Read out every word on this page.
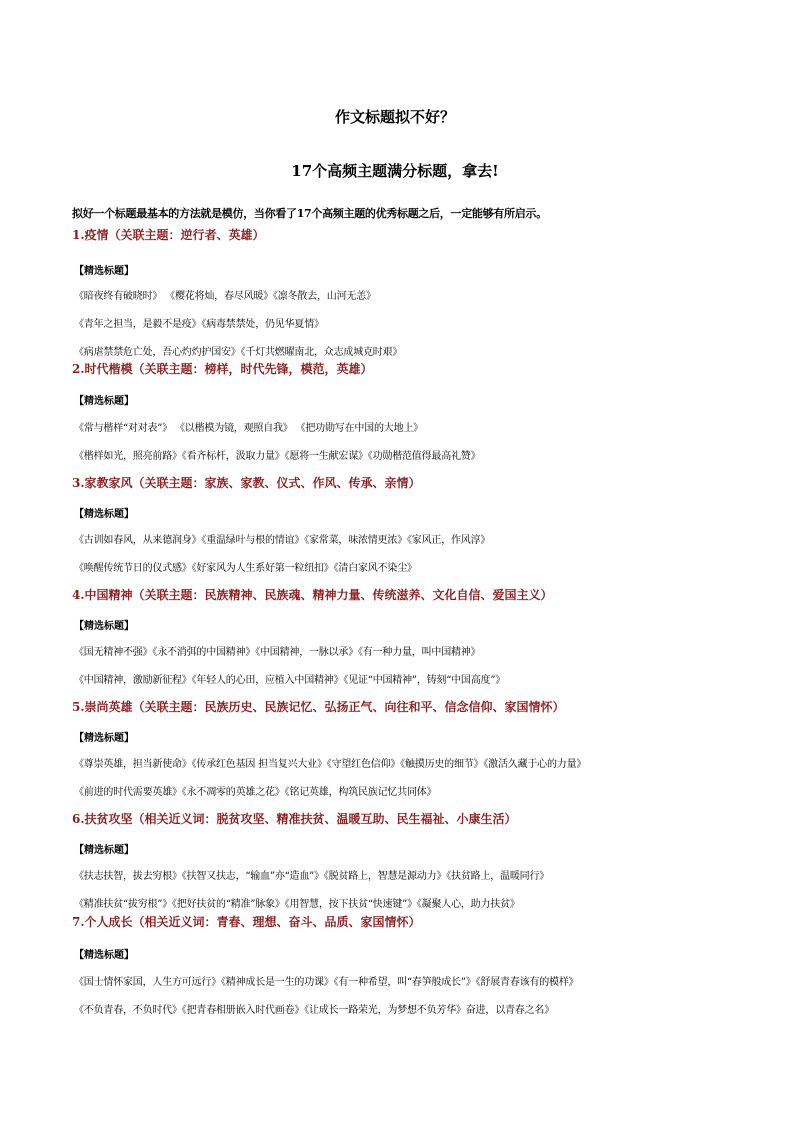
作文标题拟不好？
17个高频主题满分标题，拿去!
拟好一个标题最基本的方法就是模仿，当你看了17个高频主题的优秀标题之后，一定能够有所启示。
1.疫情（关联主题：逆行者、英雄）
【精选标题】
《暗夜终有破晓时》 《樱花将灿，春尽风暖》《凛冬散去，山河无恙》
《青年之担当，是毅不是疫》《病毒禁禁处，仍见华夏情》
《病虐禁禁危亡处，吾心灼灼护国安》《千灯共燃曜南北，众志成城克时艰》
2.时代楷模（关联主题：榜样，时代先锋，模范，英雄）
【精选标题】
《常与楷样“对对表”》 《以楷模为镜，观照自我》 《把功勋写在中国的大地上》
《楷样如光，照亮前路》《看齐标杆，汲取力量》《愿将一生献宏谋》《功勋楷范值得最高礼赞》
3.家教家风（关联主题：家族、家教、仪式、作风、传承、亲情）
【精选标题】
《古训如春风，从来德润身》《重温绿叶与根的情谊》《家常菜，味浓情更浓》《家风正，作风淳》
《唤醒传统节日的仪式感》《好家风为人生系好第一粒纽扣》《清白家风不染尘》
4.中国精神（关联主题：民族精神、民族魂、精神力量、传统滋养、文化自信、爱国主义）
【精选标题】
《国无精神不强》《永不消弭的中国精神》《中国精神，一脉以承》《有一种力量，叫中国精神》
《中国精神，激励新征程》《年轻人的心田，应植入中国精神》《见证“中国精神”，铸刻“中国高度”》
5.崇尚英雄（关联主题：民族历史、民族记忆、弘扬正气、向往和平、信念信仰、家国情怀）
【精选标题】
《尊崇英雄，担当新使命》《传承红色基因 担当复兴大业》《守望红色信仰》《触摸历史的细节》《激活久藏于心的力量》
《前进的时代需要英雄》《永不凋零的英雄之花》《铭记英雄，构筑民族记忆共同体》
6.扶贫攻坚（相关近义词：脱贫攻坚、精准扶贫、温暖互助、民生福祉、小康生活）
【精选标题】
《扶志扶智，拔去穷根》《扶智又扶志，“输血”亦“造血”》《脱贫路上，智慧是源动力》《扶贫路上，温暖同行》
《精准扶贫“拔穷根”》《把好扶贫的“精准”脉象》《用智慧，按下扶贫“快速键”》《凝聚人心，助力扶贫》
7.个人成长（相关近义词：青春、理想、奋斗、品质、家国情怀）
【精选标题】
《国士情怀家国，人生方可远行》《精神成长是一生的功课》《有一种希望，叫“春笋般成长”》《舒展青春该有的模样》
《不负青春，不负时代》《把青春相册嵌入时代画卷》《让成长一路荣光，为梦想不负芳华》奋进，以青春之名》
